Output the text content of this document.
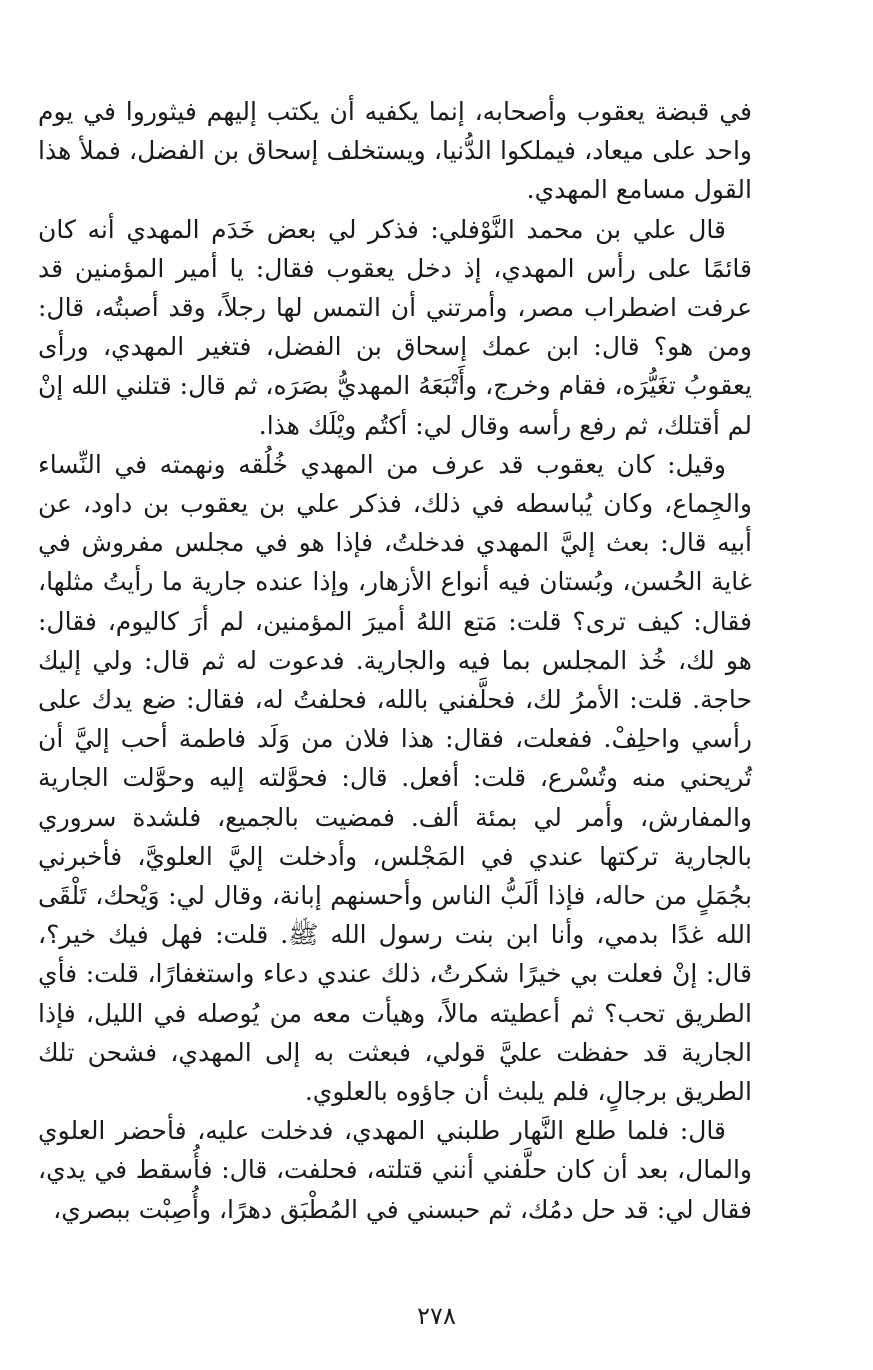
في قبضة يعقوب وأصحابه، إنما يكفيه أن يكتب إليهم فيثوروا في يوم واحد على ميعاد، فيملكوا الدُّنيا، ويستخلف إسحاق بن الفضل، فملأ هذا القول مسامع المهدي.

قال علي بن محمد النَّوْفلي: فذكر لي بعض خَدَم المهدي أنه كان قائمًا على رأس المهدي، إذ دخل يعقوب فقال: يا أمير المؤمنين قد عرفت اضطراب مصر، وأمرتني أن التمس لها رجلاً، وقد أصبتُه، قال: ومن هو؟ قال: ابن عمك إسحاق بن الفضل، فتغير المهدي، ورأى يعقوبُ تغَيُّرَه، فقام وخرج، وأَتْبَعَهُ المهديُّ بصَرَه، ثم قال: قتلني الله إنْ لم أقتلك، ثم رفع رأسه وقال لي: أكتُم ويْلَك هذا.

وقيل: كان يعقوب قد عرف من المهدي خُلُقه ونهمته في النِّساء والجِماع، وكان يُباسطه في ذلك، فذكر علي بن يعقوب بن داود، عن أبيه قال: بعث إليَّ المهدي فدخلتُ، فإذا هو في مجلس مفروش في غاية الحُسن، وبُستان فيه أنواع الأزهار، وإذا عنده جارية ما رأيتُ مثلها، فقال: كيف ترى؟ قلت: مَتع اللهُ أميرَ المؤمنين، لم أرَ كاليوم، فقال: هو لك، خُذ المجلس بما فيه والجارية. فدعوت له ثم قال: ولي إليك حاجة. قلت: الأمرُ لك، فحلَّفني بالله، فحلفتُ له، فقال: ضع يدك على رأسي واحلِفْ. ففعلت، فقال: هذا فلان من وَلَد فاطمة أحب إليَّ أن تُريحني منه وتُسْرع، قلت: أفعل. قال: فحوَّلته إليه وحوَّلت الجارية والمفارش، وأمر لي بمئة ألف. فمضيت بالجميع، فلشدة سروري بالجارية تركتها عندي في المَجْلس، وأدخلت إليَّ العلويَّ، فأخبرني بجُمَلٍ من حاله، فإذا ألَبُّ الناس وأحسنهم إبانة، وقال لي: وَيْحك، تَلْقَى الله غدًا بدمي، وأنا ابن بنت رسول الله ﷺ. قلت: فهل فيك خير؟، قال: إنْ فعلت بي خيرًا شكرتُ، ذلك عندي دعاء واستغفارًا، قلت: فأي الطريق تحب؟ ثم أعطيته مالاً، وهيأت معه من يُوصله في الليل، فإذا الجارية قد حفظت عليَّ قولي، فبعثت به إلى المهدي، فشحن تلك الطريق برجالٍ، فلم يلبث أن جاؤوه بالعلوي.

قال: فلما طلع النَّهار طلبني المهدي، فدخلت عليه، فأحضر العلوي والمال، بعد أن كان حلَّفني أنني قتلته، فحلفت، قال: فأُسقط في يدي، فقال لي: قد حل دمُك، ثم حبسني في المُطْبَق دهرًا، وأُصِبْت ببصري،

٢٧٨
